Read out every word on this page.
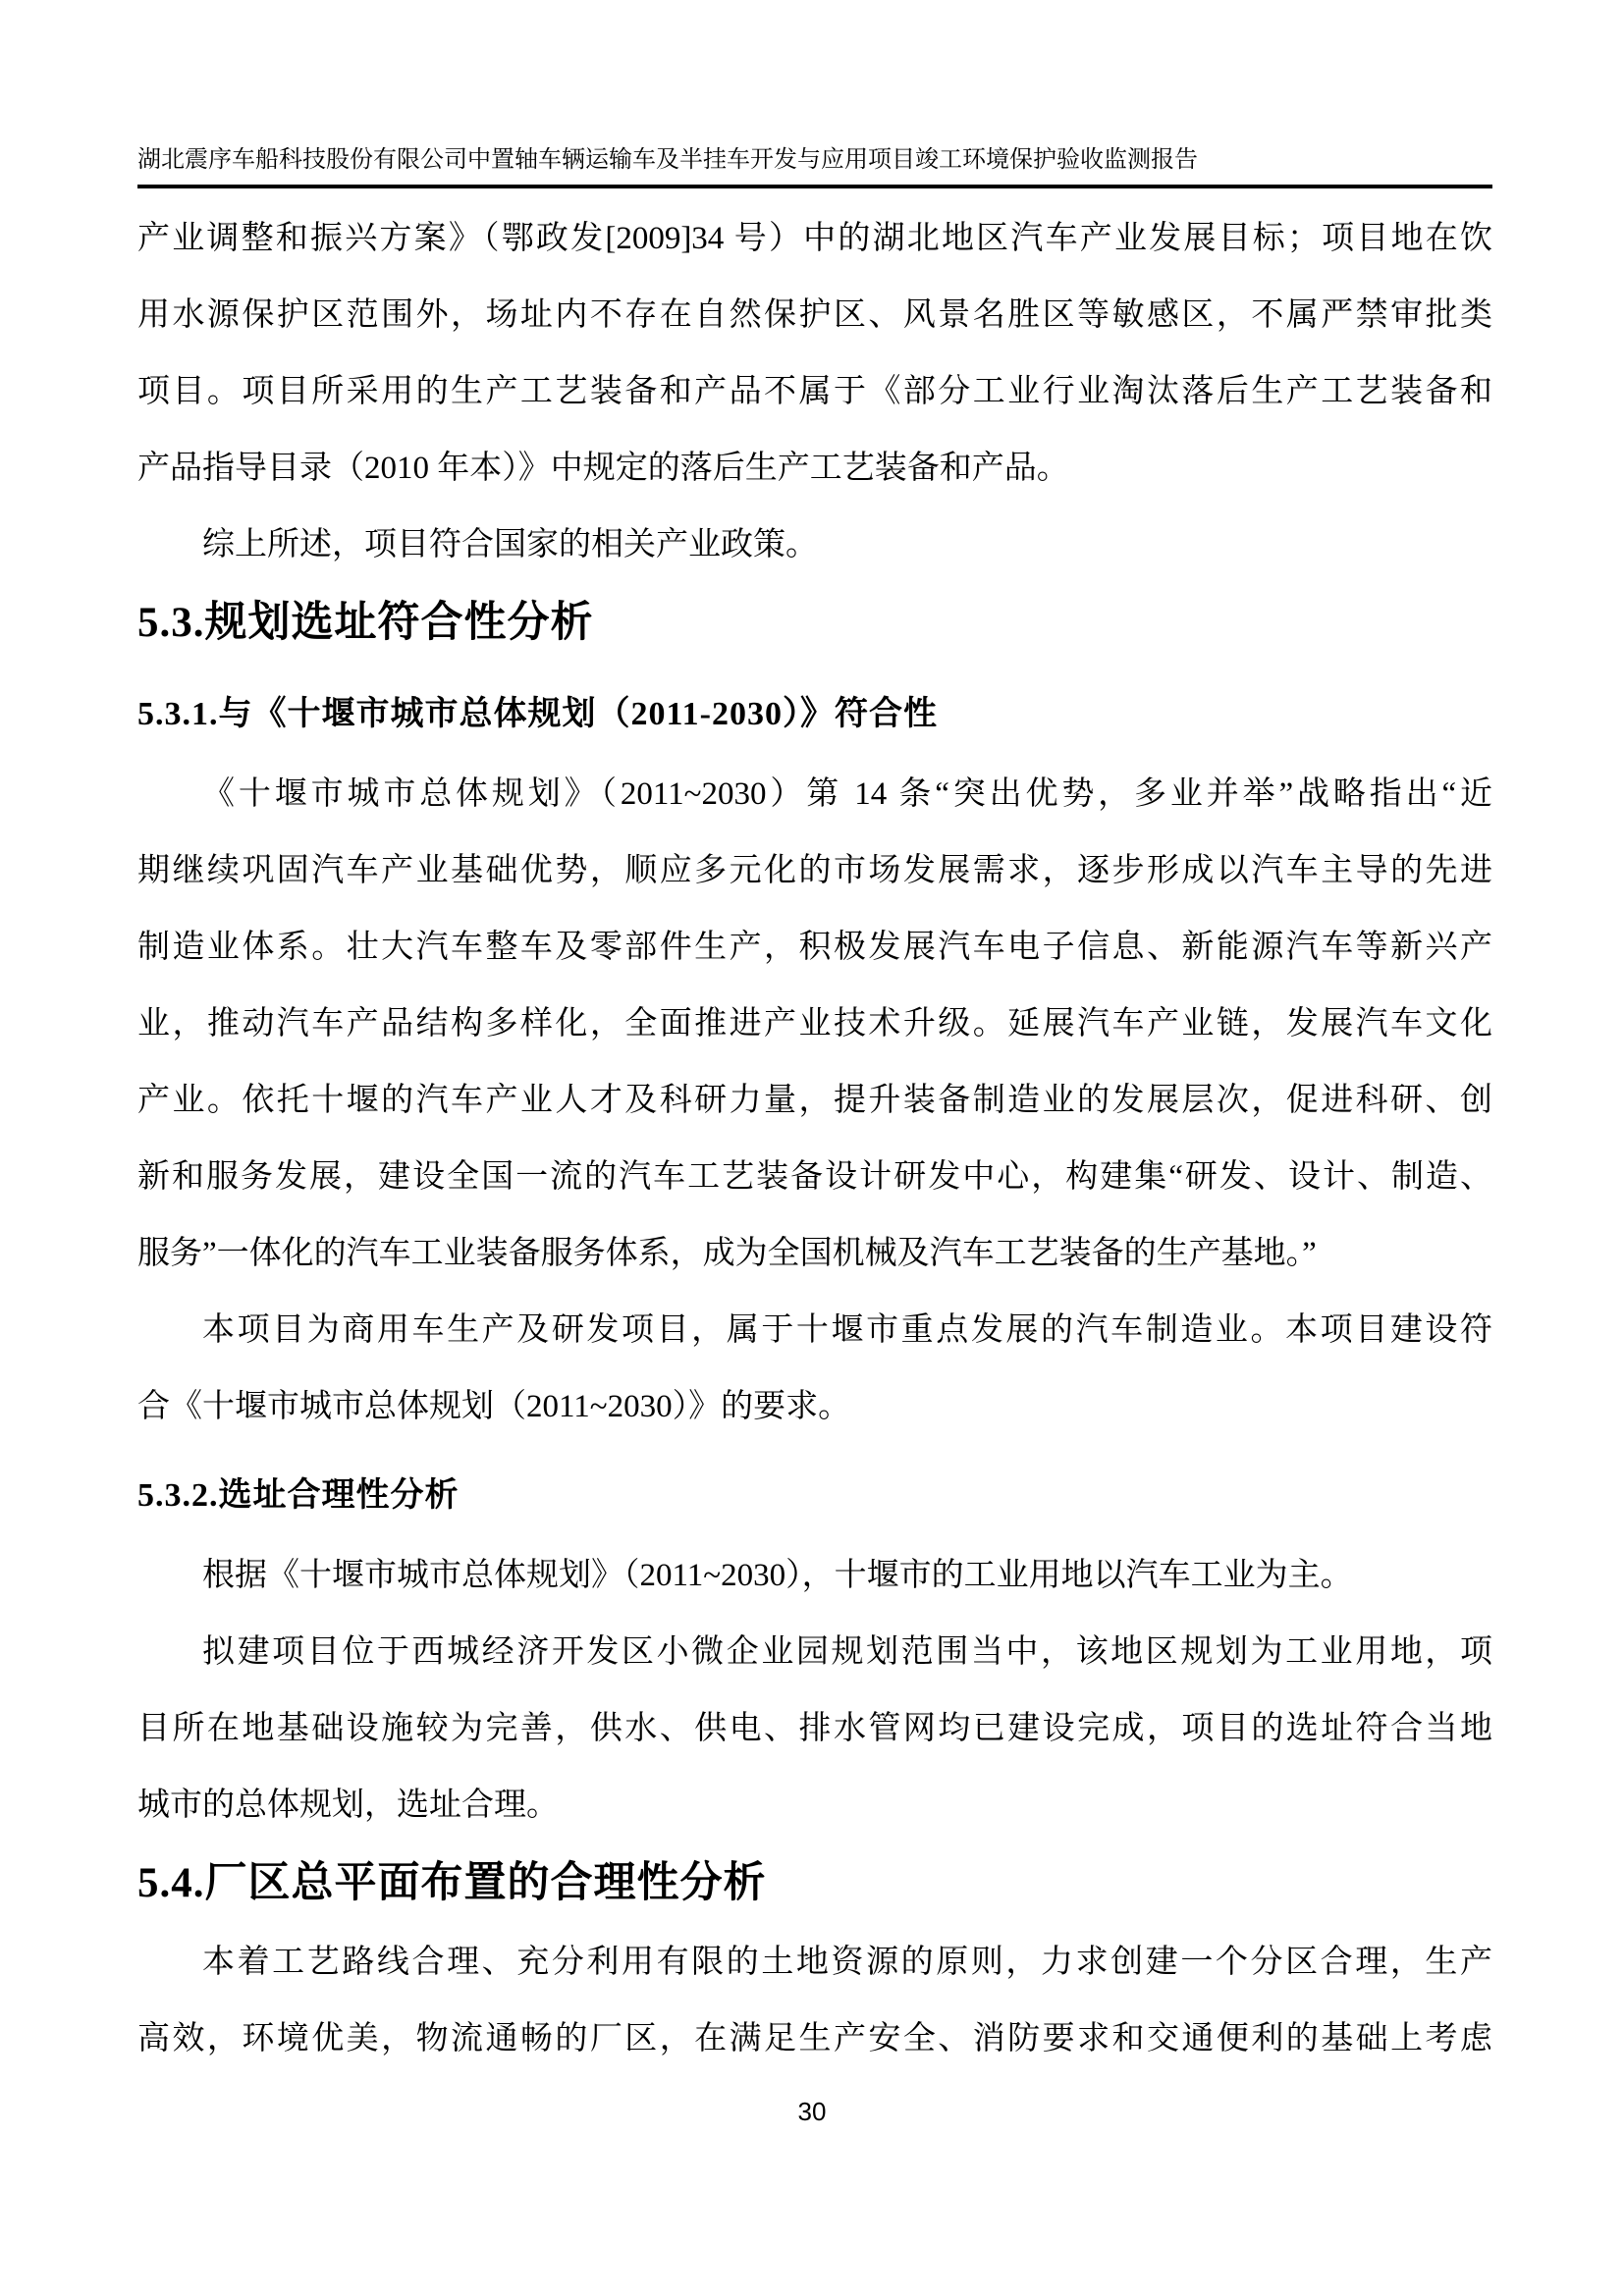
湖北震序车船科技股份有限公司中置轴车辆运输车及半挂车开发与应用项目竣工环境保护验收监测报告
产业调整和振兴方案》（鄂政发[2009]34 号）中的湖北地区汽车产业发展目标；项目地在饮
用水源保护区范围外，场址内不存在自然保护区、风景名胜区等敏感区，不属严禁审批类
项目。项目所采用的生产工艺装备和产品不属于《部分工业行业淘汰落后生产工艺装备和
产品指导目录（2010 年本）》中规定的落后生产工艺装备和产品。
综上所述，项目符合国家的相关产业政策。
5.3.规划选址符合性分析
5.3.1.与《十堰市城市总体规划（2011-2030）》符合性
《十堰市城市总体规划》（2011~2030）第 14 条“突出优势，多业并举”战略指出“近
期继续巩固汽车产业基础优势，顺应多元化的市场发展需求，逐步形成以汽车主导的先进
制造业体系。壮大汽车整车及零部件生产，积极发展汽车电子信息、新能源汽车等新兴产
业，推动汽车产品结构多样化，全面推进产业技术升级。延展汽车产业链，发展汽车文化
产业。依托十堰的汽车产业人才及科研力量，提升装备制造业的发展层次，促进科研、创
新和服务发展，建设全国一流的汽车工艺装备设计研发中心，构建集“研发、设计、制造、
服务”一体化的汽车工业装备服务体系，成为全国机械及汽车工艺装备的生产基地。”
本项目为商用车生产及研发项目，属于十堰市重点发展的汽车制造业。本项目建设符
合《十堰市城市总体规划（2011~2030）》的要求。
5.3.2.选址合理性分析
根据《十堰市城市总体规划》（2011~2030），十堰市的工业用地以汽车工业为主。
拟建项目位于西城经济开发区小微企业园规划范围当中，该地区规划为工业用地，项
目所在地基础设施较为完善，供水、供电、排水管网均已建设完成，项目的选址符合当地
城市的总体规划，选址合理。
5.4.厂区总平面布置的合理性分析
本着工艺路线合理、充分利用有限的土地资源的原则，力求创建一个分区合理，生产
高效，环境优美，物流通畅的厂区，在满足生产安全、消防要求和交通便利的基础上考虑
30
